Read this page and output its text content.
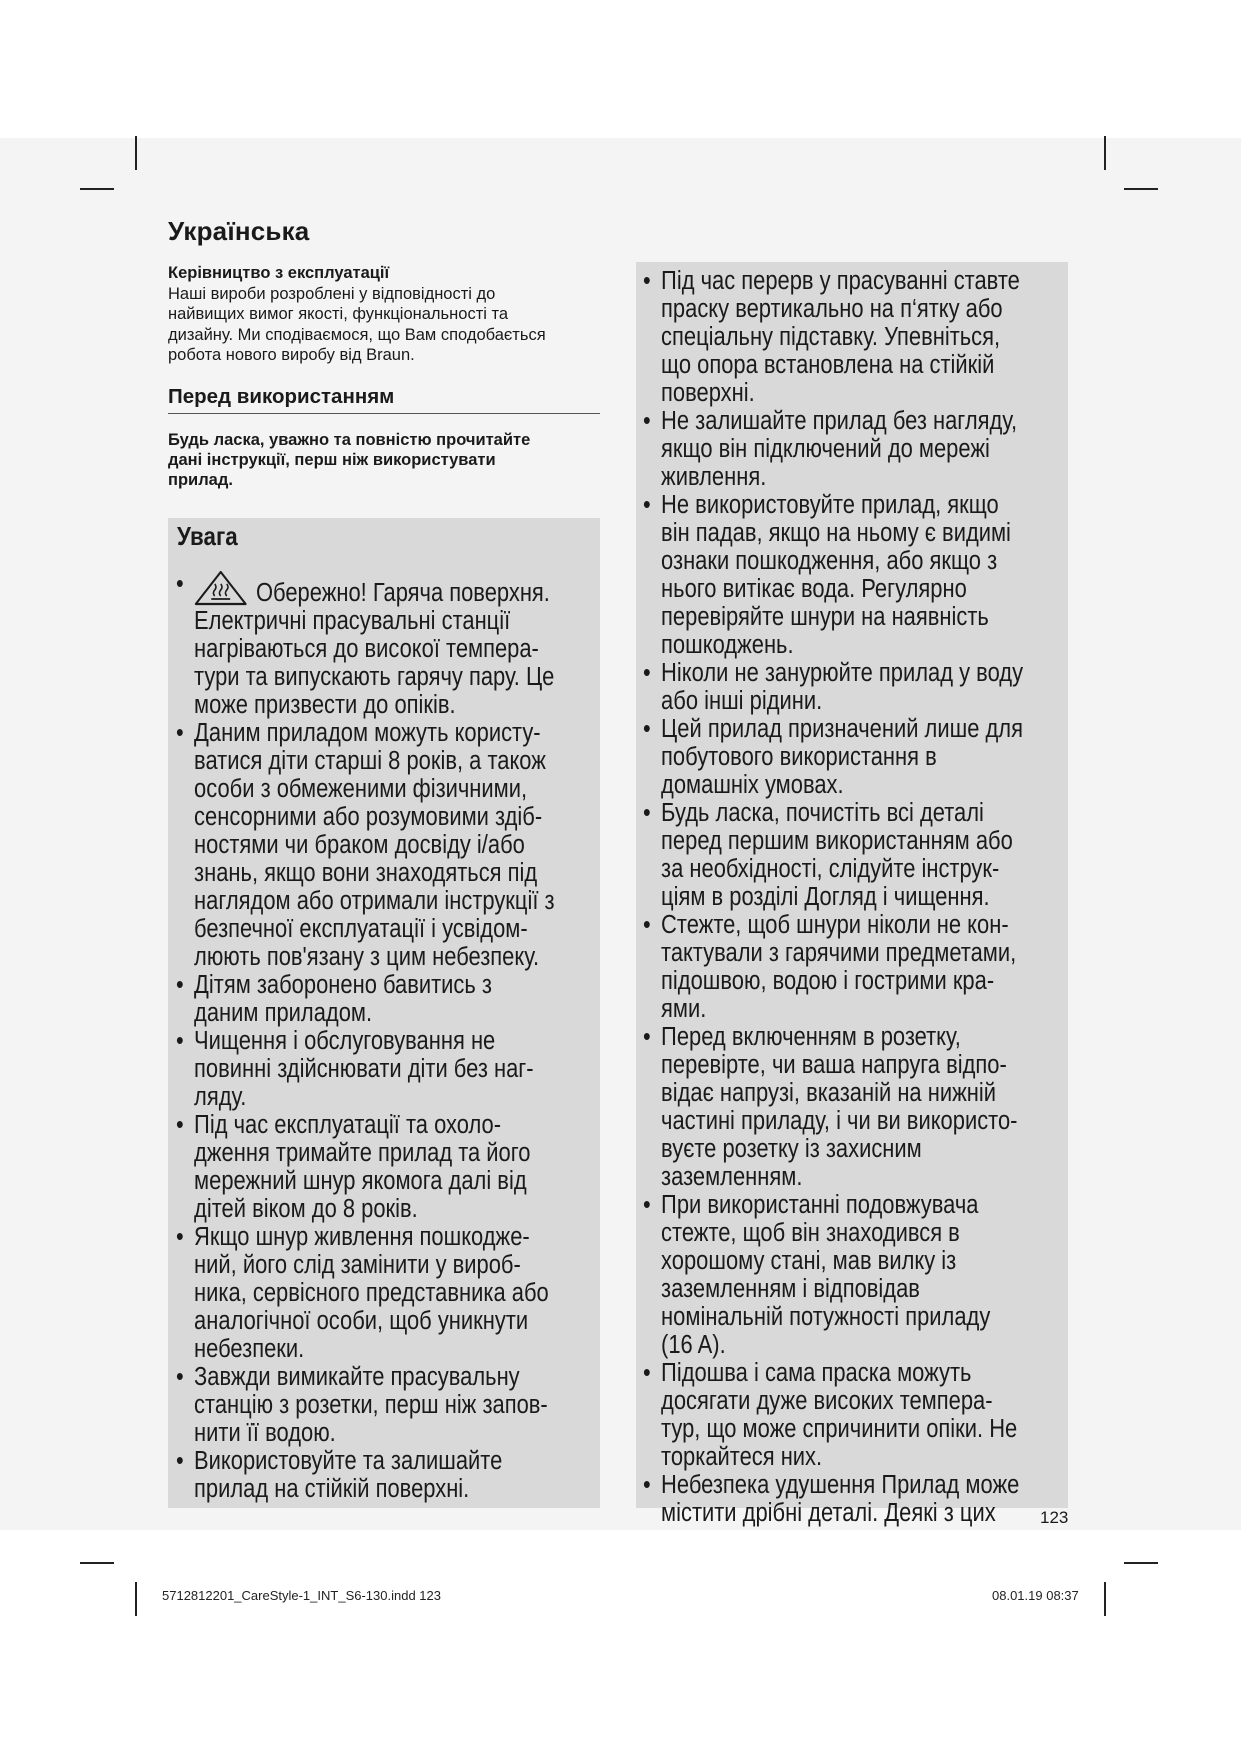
Українська
Керівництво з експлуатації
Наші вироби розроблені у відповідності до
найвищих вимог якості, функціональності та
дизайну. Ми сподіваємося, що Вам сподобається
робота нового виробу від Braun.
Перед використанням
Будь ласка, уважно та повністю прочитайте
дані інструкції, перш ніж використувати
прилад.
Увага
•	Обережно! Гаряча поверхня.
Електричні прасувальні станції
нагріваються до високої темпера-
тури та випускають гарячу пару. Це
може призвести до опіків.
• Даним приладом можуть користу-
ватися діти старші 8 років, а також
особи з обмеженими фізичними,
сенсорними або розумовими здіб-
ностями чи браком досвіду і/або
знань, якщо вони знаходяться під
наглядом або отримали інструкції з
безпечної експлуатації і усвідом-
люють пов'язану з цим небезпеку.
• Дітям заборонено бавитись з
даним приладом.
• Чищення і обслуговування не
повинні здійснювати діти без наг-
ляду.
• Під час експлуатації та охоло-
дження тримайте прилад та його
мережний шнур якомога далі від
дітей віком до 8 років.
• Якщо шнур живлення пошкодже-
ний, його слід замінити у вироб-
ника, сервісного представника або
аналогічної особи, щоб уникнути
небезпеки.
• Завжди вимикайте прасувальну
станцію з розетки, перш ніж запов-
нити її водою.
• Використовуйте та залишайте
прилад на стійкій поверхні.
• Під час перерв у прасуванні ставте
праску вертикально на п‘ятку або
спеціальну підставку. Упевніться,
що опора встановлена на стійкій
поверхні.
• Не залишайте прилад без нагляду,
якщо він підключений до мережі
живлення.
• Не використовуйте прилад, якщо
він падав, якщо на ньому є видимі
ознаки пошкодження, або якщо з
нього витікає вода. Регулярно
перевіряйте шнури на наявність
пошкоджень.
• Ніколи не занурюйте прилад у воду
або інші рідини.
• Цей прилад призначений лише для
побутового використання в
домашніх умовах.
• Будь ласка, почистіть всі деталі
перед першим використанням або
за необхідності, слідуйте інструк-
ціям в розділі Догляд і чищення.
• Стежте, щоб шнури ніколи не кон-
тактували з гарячими предметами,
підошвою, водою і гострими кра-
ями.
• Перед включенням в розетку,
перевірте, чи ваша напруга відпо-
відає напрузі, вказаній на нижній
частині приладу, і чи ви використо-
вуєте розетку із захисним
заземленням.
• При використанні подовжувача
стежте, щоб він знаходився в
хорошому стані, мав вилку із
заземленням і відповідав
номінальній потужності приладу
(16 A).
• Підошва і сама праска можуть
досягати дуже високих темпера-
тур, що може спричинити опіки. Не
торкайтеся них.
• Небезпека удушення Прилад може
містити дрібні деталі. Деякі з цих	123
5712812201_CareStyle-1_INT_S6-130.indd 123	08.01.19 08:37
